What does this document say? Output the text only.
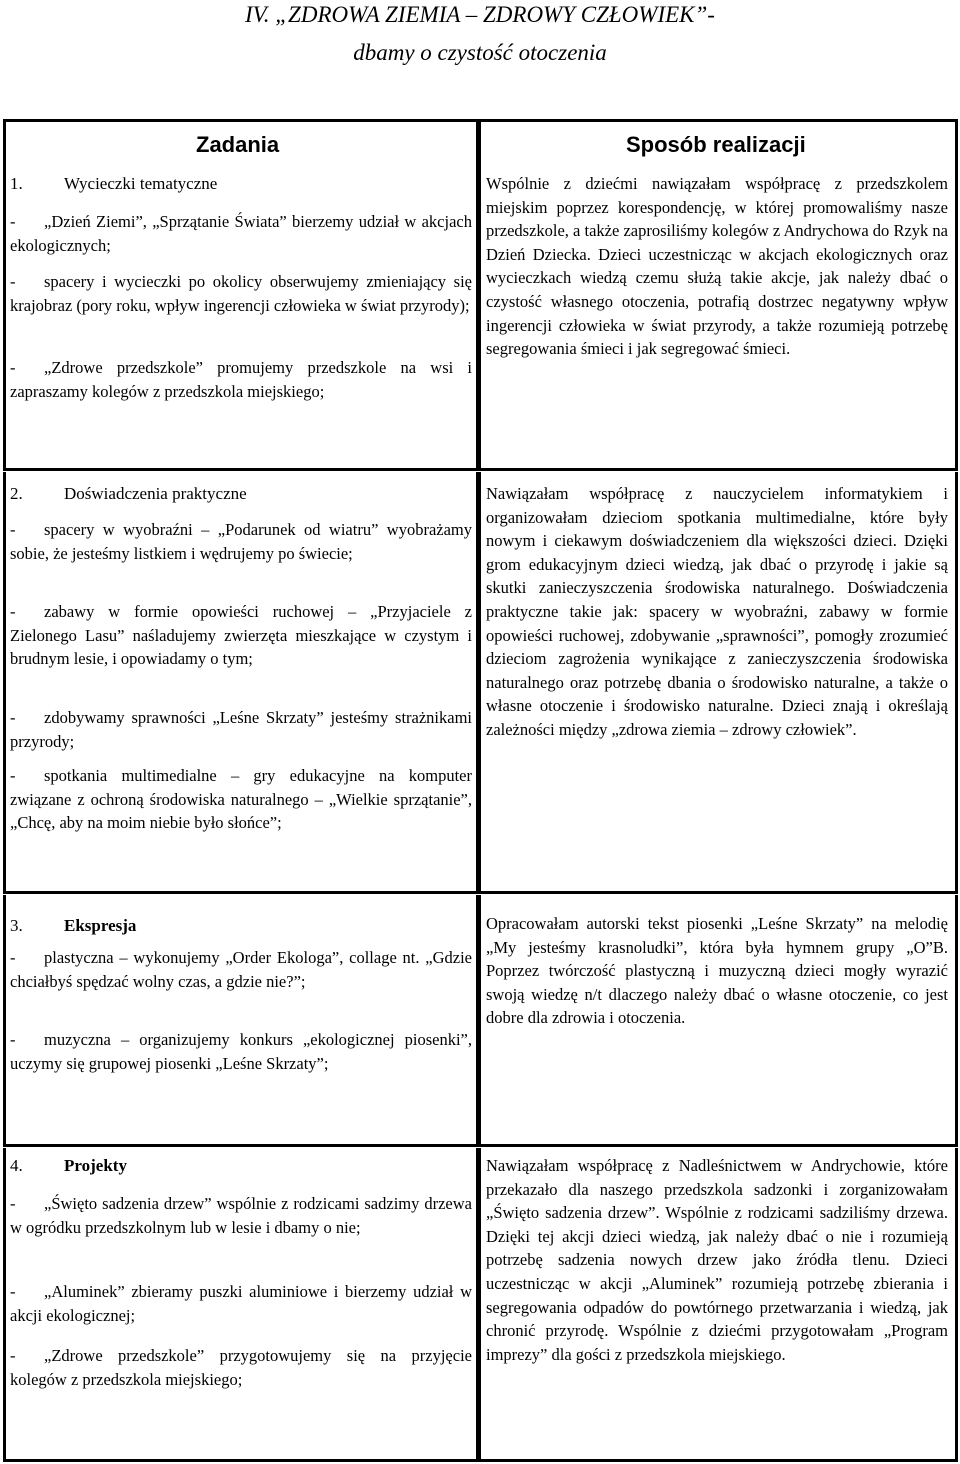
IV. „ZDROWA ZIEMIA – ZDROWY CZŁOWIEK”-
dbamy o czystość otoczenia
Zadania	Sposób realizacji
1. Wycieczki tematyczne
-	„Dzień Ziemi”, „Sprzątanie Świata” bierzemy udział w akcjach ekologicznych;
-	spacery i wycieczki po okolicy obserwujemy zmieniający się krajobraz (pory roku, wpływ ingerencji człowieka w świat przyrody);
-	„Zdrowe przedszkole” promujemy przedszkole na wsi i zapraszamy kolegów z przedszkola miejskiego;
Wspólnie z dziećmi nawiązałam współpracę z przedszkolem miejskim poprzez korespondencję, w której promowaliśmy nasze przedszkole, a także zaprosiliśmy kolegów z Andrychowa do Rzyk na Dzień Dziecka. Dzieci uczestnicząc w akcjach ekologicznych oraz wycieczkach wiedzą czemu służą takie akcje, jak należy dbać o czystość własnego otoczenia, potrafią dostrzec negatywny wpływ ingerencji człowieka w świat przyrody, a także rozumieją potrzebę segregowania śmieci i jak segregować śmieci.
2. Doświadczenia praktyczne
-	spacery w wyobraźni – „Podarunek od wiatru” wyobrażamy sobie, że jesteśmy listkiem i wędrujemy po świecie;
-	zabawy w formie opowieści ruchowej – „Przyjaciele z Zielonego Lasu” naśladujemy zwierzęta mieszkające w czystym i brudnym lesie, i opowiadamy o tym;
-	zdobywamy sprawności „Leśne Skrzaty” jesteśmy strażnikami przyrody;
-	spotkania multimedialne – gry edukacyjne na komputer związane z ochroną środowiska naturalnego – „Wielkie sprzątanie”, „Chcę, aby na moim niebie było słońce”;
Nawiązałam współpracę z nauczycielem informatykiem i organizowałam dzieciom spotkania multimedialne, które były nowym i ciekawym doświadczeniem dla większości dzieci. Dzięki grom edukacyjnym dzieci wiedzą, jak dbać o przyrodę i jakie są skutki zanieczyszczenia środowiska naturalnego. Doświadczenia praktyczne takie jak: spacery w wyobraźni, zabawy w formie opowieści ruchowej, zdobywanie „sprawności”, pomogły zrozumieć dzieciom zagrożenia wynikające z zanieczyszczenia środowiska naturalnego oraz potrzebę dbania o środowisko naturalne, a także o własne otoczenie i środowisko naturalne. Dzieci znają i określają zależności między „zdrowa ziemia – zdrowy człowiek”.
3. Ekspresja
-	plastyczna – wykonujemy „Order Ekologa”, collage nt. „Gdzie chciałbyś spędzać wolny czas, a gdzie nie?”;
-	muzyczna – organizujemy konkurs „ekologicznej piosenki”, uczymy się grupowej piosenki „Leśne Skrzaty”;
Opracowałam autorski tekst piosenki „Leśne Skrzaty” na melodię „My jesteśmy krasnoludki”, która była hymnem grupy „O”B. Poprzez twórczość plastyczną i muzyczną dzieci mogły wyrazić swoją wiedzę n/t dlaczego należy dbać o własne otoczenie, co jest dobre dla zdrowia i otoczenia.
4. Projekty
-	„Święto sadzenia drzew” wspólnie z rodzicami sadzimy drzewa w ogródku przedszkolnym lub w lesie i dbamy o nie;
-	„Aluminek” zbieramy puszki aluminiowe i bierzemy udział w akcji ekologicznej;
-	„Zdrowe przedszkole” przygotowujemy się na przyjęcie kolegów z przedszkola miejskiego;
Nawiązałam współpracę z Nadleśnictwem w Andrychowie, które przekazało dla naszego przedszkola sadzonki i zorganizowałam „Święto sadzenia drzew”. Wspólnie z rodzicami sadziliśmy drzewa. Dzięki tej akcji dzieci wiedzą, jak należy dbać o nie i rozumieją potrzebę sadzenia nowych drzew jako źródła tlenu. Dzieci uczestnicząc w akcji „Aluminek” rozumieją potrzebę zbierania i segregowania odpadów do powtórnego przetwarzania i wiedzą, jak chronić przyrodę. Wspólnie z dziećmi przygotowałam „Program imprezy” dla gości z przedszkola miejskiego.
